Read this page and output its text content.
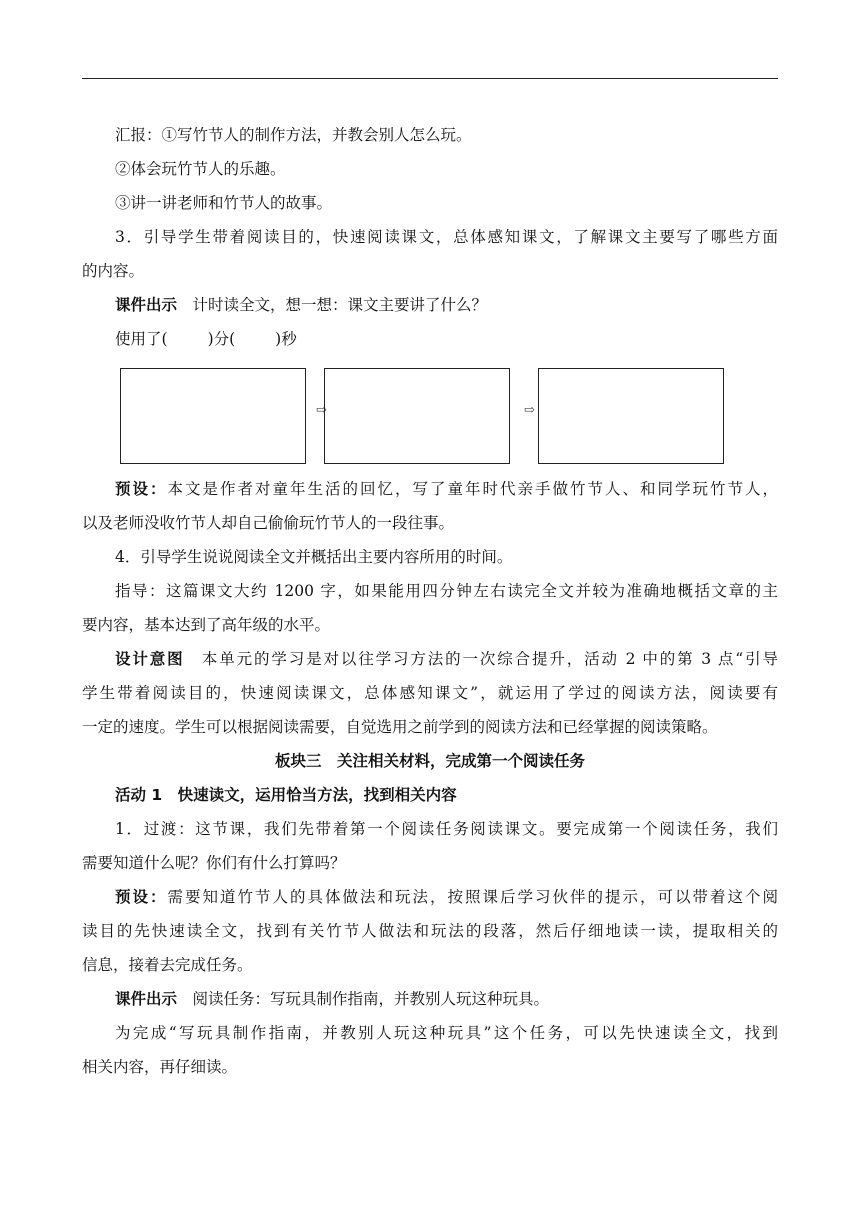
汇报：①写竹节人的制作方法，并教会别人怎么玩。
②体会玩竹节人的乐趣。
③讲一讲老师和竹节人的故事。
3．引导学生带着阅读目的，快速阅读课文，总体感知课文，了解课文主要写了哪些方面
的内容。
课件出示　 计时读全文，想一想：课文主要讲了什么？
使用了(	)分(	)秒
⇨	⇨
预设：本文是作者对童年生活的回忆，写了童年时代亲手做竹节人、和同学玩竹节人，
以及老师没收竹节人却自己偷偷玩竹节人的一段往事。
4．引导学生说说阅读全文并概括出主要内容所用的时间。
指导：这篇课文大约 1200 字，如果能用四分钟左右读完全文并较为准确地概括文章的主
要内容，基本达到了高年级的水平。
设计意图　 本单元的学习是对以往学习方法的一次综合提升，活动 2 中的第 3 点“引导
学生带着阅读目的，快速阅读课文，总体感知课文”，就运用了学过的阅读方法，阅读要有
一定的速度。学生可以根据阅读需要，自觉选用之前学到的阅读方法和已经掌握的阅读策略。
板块三　关注相关材料，完成第一个阅读任务
活动 1　快速读文，运用恰当方法，找到相关内容
1．过渡：这节课，我们先带着第一个阅读任务阅读课文。要完成第一个阅读任务，我们
需要知道什么呢？你们有什么打算吗？
预设：需要知道竹节人的具体做法和玩法，按照课后学习伙伴的提示，可以带着这个阅
读目的先快速读全文，找到有关竹节人做法和玩法的段落，然后仔细地读一读，提取相关的
信息，接着去完成任务。
课件出示　 阅读任务：写玩具制作指南，并教别人玩这种玩具。
为完成“写玩具制作指南，并教别人玩这种玩具”这个任务，可以先快速读全文，找到
相关内容，再仔细读。
